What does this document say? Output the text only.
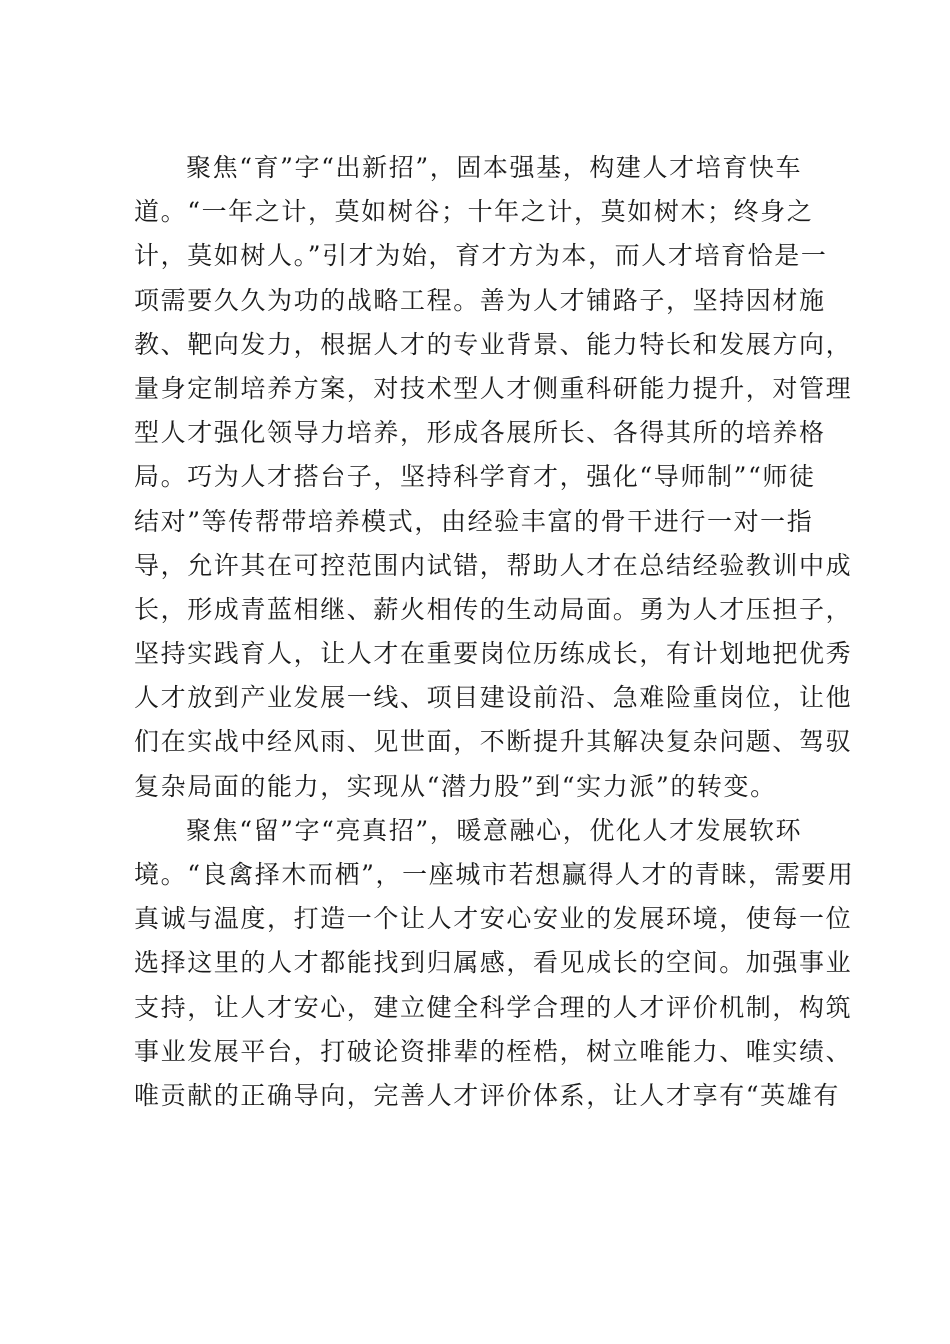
聚焦“育”字“出新招”，固本强基，构建人才培育快车
道。“一年之计，莫如树谷；十年之计，莫如树木；终身之
计，莫如树人。”引才为始，育才方为本，而人才培育恰是一
项需要久久为功的战略工程。善为人才铺路子，坚持因材施
教、靶向发力，根据人才的专业背景、能力特长和发展方向，
量身定制培养方案，对技术型人才侧重科研能力提升，对管理
型人才强化领导力培养，形成各展所长、各得其所的培养格
局。巧为人才搭台子，坚持科学育才，强化“导师制”“师徒
结对”等传帮带培养模式，由经验丰富的骨干进行一对一指
导，允许其在可控范围内试错，帮助人才在总结经验教训中成
长，形成青蓝相继、薪火相传的生动局面。勇为人才压担子，
坚持实践育人，让人才在重要岗位历练成长，有计划地把优秀
人才放到产业发展一线、项目建设前沿、急难险重岗位，让他
们在实战中经风雨、见世面，不断提升其解决复杂问题、驾驭
复杂局面的能力，实现从“潜力股”到“实力派”的转变。
聚焦“留”字“亮真招”，暖意融心，优化人才发展软环
境。“良禽择木而栖”，一座城市若想赢得人才的青睐，需要用
真诚与温度，打造一个让人才安心安业的发展环境，使每一位
选择这里的人才都能找到归属感，看见成长的空间。加强事业
支持，让人才安心，建立健全科学合理的人才评价机制，构筑
事业发展平台，打破论资排辈的桎梏，树立唯能力、唯实绩、
唯贡献的正确导向，完善人才评价体系，让人才享有“英雄有
